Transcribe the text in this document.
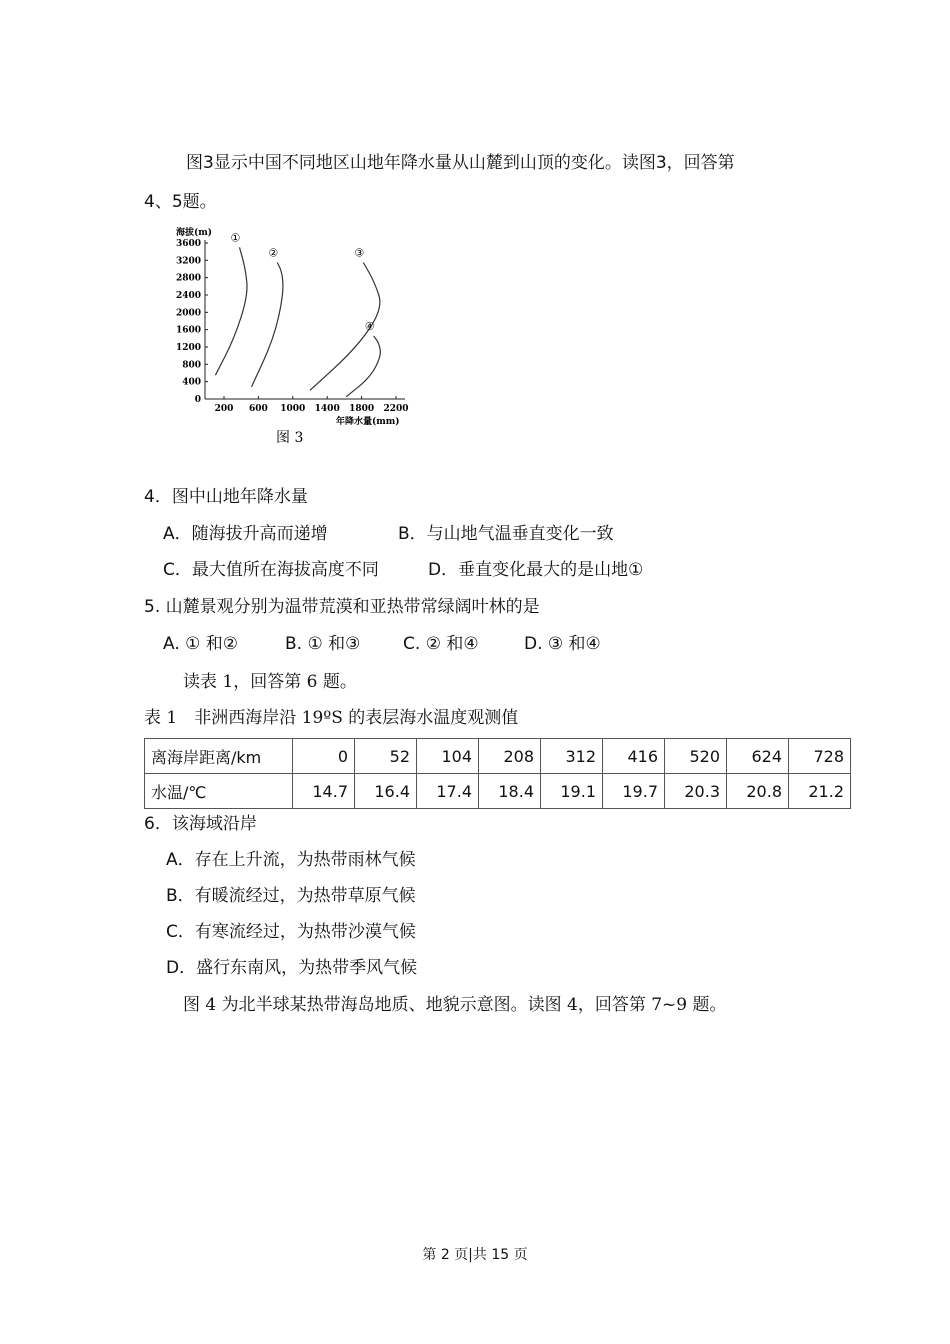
图3显示中国不同地区山地年降水量从山麓到山顶的变化。读图3，回答第
4、5题。
海拔(m)
0
400
800
1200
1600
2000
2400
2800
3200
3600
200 600 1000 1400 1800 2200
年降水量(mm)
①
②	③
④
图 3
4．图中山地年降水量
A．随海拔升高而递增	B．与山地气温垂直变化一致
C．最大值所在海拔高度不同	D．垂直变化最大的是山地①
5. 山麓景观分别为温带荒漠和亚热带常绿阔叶林的是
A. ① 和②	B. ① 和③	C. ② 和④	D. ③ 和④
读表 1，回答第 6 题。
表 1　非洲西海岸沿 19ºS 的表层海水温度观测值
离海岸距离/km	0	52	104	208	312	416	520	624	728
水温/℃	14.7	16.4	17.4	18.4	19.1	19.7	20.3	20.8	21.2
6．该海域沿岸
A．存在上升流，为热带雨林气候
B．有暖流经过，为热带草原气候
C．有寒流经过，为热带沙漠气候
D．盛行东南风，为热带季风气候
图 4 为北半球某热带海岛地质、地貌示意图。读图 4，回答第 7~9 题。
第 2 页|共 15 页
